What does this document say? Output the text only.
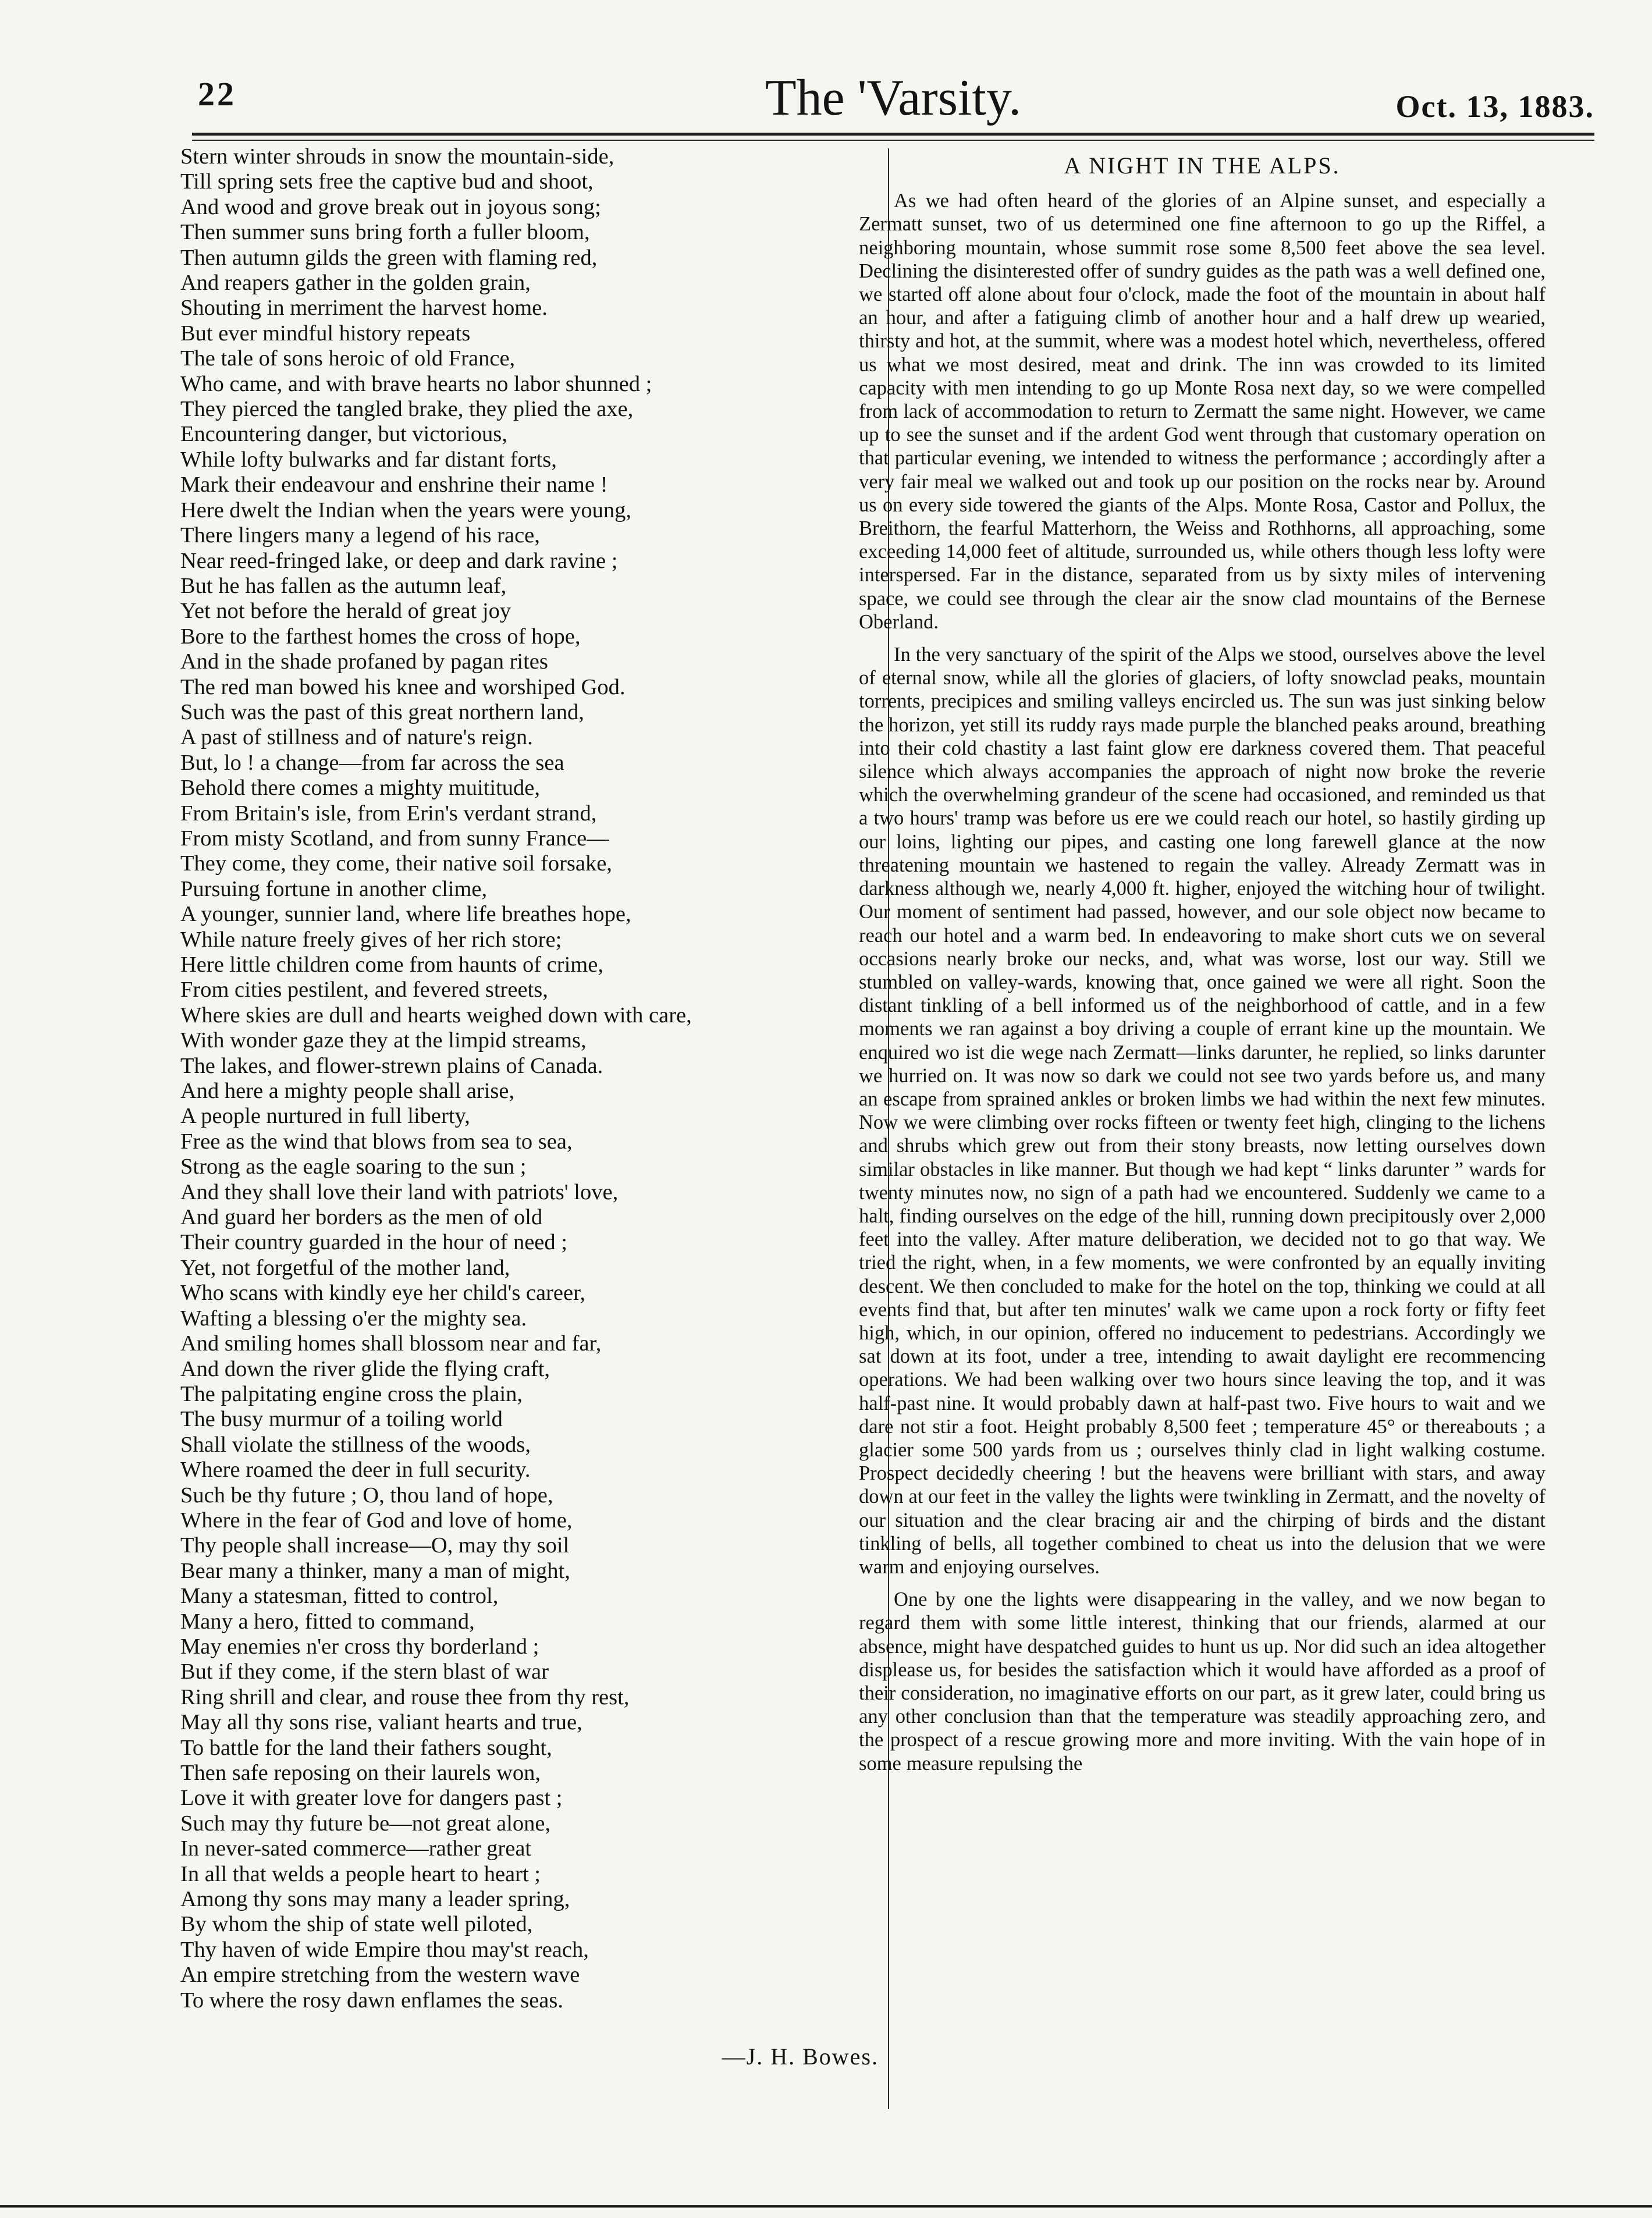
22	The 'Varsity.	Oct. 13, 1883.
Stern winter shrouds in snow the mountain-side,
Till spring sets free the captive bud and shoot,
And wood and grove break out in joyous song;
Then summer suns bring forth a fuller bloom,
Then autumn gilds the green with flaming red,
And reapers gather in the golden grain,
Shouting in merriment the harvest home.
But ever mindful history repeats
The tale of sons heroic of old France,
Who came, and with brave hearts no labor shunned ;
They pierced the tangled brake, they plied the axe,
Encountering danger, but victorious,
While lofty bulwarks and far distant forts,
Mark their endeavour and enshrine their name !
Here dwelt the Indian when the years were young,
There lingers many a legend of his race,
Near reed-fringed lake, or deep and dark ravine ;
But he has fallen as the autumn leaf,
Yet not before the herald of great joy
Bore to the farthest homes the cross of hope,
And in the shade profaned by pagan rites
The red man bowed his knee and worshiped God.
Such was the past of this great northern land,
A past of stillness and of nature's reign.
But, lo ! a change—from far across the sea
Behold there comes a mighty muititude,
From Britain's isle, from Erin's verdant strand,
From misty Scotland, and from sunny France—
They come, they come, their native soil forsake,
Pursuing fortune in another clime,
A younger, sunnier land, where life breathes hope,
While nature freely gives of her rich store;
Here little children come from haunts of crime,
From cities pestilent, and fevered streets,
Where skies are dull and hearts weighed down with care,
With wonder gaze they at the limpid streams,
The lakes, and flower-strewn plains of Canada.
And here a mighty people shall arise,
A people nurtured in full liberty,
Free as the wind that blows from sea to sea,
Strong as the eagle soaring to the sun ;
And they shall love their land with patriots' love,
And guard her borders as the men of old
Their country guarded in the hour of need ;
Yet, not forgetful of the mother land,
Who scans with kindly eye her child's career,
Wafting a blessing o'er the mighty sea.
And smiling homes shall blossom near and far,
And down the river glide the flying craft,
The palpitating engine cross the plain,
The busy murmur of a toiling world
Shall violate the stillness of the woods,
Where roamed the deer in full security.
Such be thy future ; O, thou land of hope,
Where in the fear of God and love of home,
Thy people shall increase—O, may thy soil
Bear many a thinker, many a man of might,
Many a statesman, fitted to control,
Many a hero, fitted to command,
May enemies n'er cross thy borderland ;
But if they come, if the stern blast of war
Ring shrill and clear, and rouse thee from thy rest,
May all thy sons rise, valiant hearts and true,
To battle for the land their fathers sought,
Then safe reposing on their laurels won,
Love it with greater love for dangers past ;
Such may thy future be—not great alone,
In never-sated commerce—rather great
In all that welds a people heart to heart ;
Among thy sons may many a leader spring,
By whom the ship of state well piloted,
Thy haven of wide Empire thou may'st reach,
An empire stretching from the western wave
To where the rosy dawn enflames the seas.
—J. H. Bowes.
A NIGHT IN THE ALPS.

As we had often heard of the glories of an Alpine sunset, and especially a Zermatt sunset, two of us determined one fine afternoon to go up the Riffel, a neighboring mountain, whose summit rose some 8,500 feet above the sea level. Declining the disinterested offer of sundry guides as the path was a well defined one, we started off alone about four o'clock, made the foot of the mountain in about half an hour, and after a fatiguing climb of another hour and a half drew up wearied, thirsty and hot, at the summit, where was a modest hotel which, nevertheless, offered us what we most desired, meat and drink. The inn was crowded to its limited capacity with men intending to go up Monte Rosa next day, so we were compelled from lack of accommodation to return to Zermatt the same night. However, we came up to see the sunset and if the ardent God went through that customary operation on that particular evening, we intended to witness the performance ; accordingly after a very fair meal we walked out and took up our position on the rocks near by. Around us on every side towered the giants of the Alps. Monte Rosa, Castor and Pollux, the Breithorn, the fearful Matterhorn, the Weiss and Rothhorns, all approaching, some exceeding 14,000 feet of altitude, surrounded us, while others though less lofty were interspersed. Far in the distance, separated from us by sixty miles of intervening space, we could see through the clear air the snow clad mountains of the Bernese Oberland.

In the very sanctuary of the spirit of the Alps we stood, ourselves above the level of eternal snow, while all the glories of glaciers, of lofty snowclad peaks, mountain torrents, precipices and smiling valleys encircled us. The sun was just sinking below the horizon, yet still its ruddy rays made purple the blanched peaks around, breathing into their cold chastity a last faint glow ere darkness covered them. That peaceful silence which always accompanies the approach of night now broke the reverie which the overwhelming grandeur of the scene had occasioned, and reminded us that a two hours' tramp was before us ere we could reach our hotel, so hastily girding up our loins, lighting our pipes, and casting one long farewell glance at the now threatening mountain we hastened to regain the valley. Already Zermatt was in darkness although we, nearly 4,000 ft. higher, enjoyed the witching hour of twilight. Our moment of sentiment had passed, however, and our sole object now became to reach our hotel and a warm bed. In endeavoring to make short cuts we on several occasions nearly broke our necks, and, what was worse, lost our way. Still we stumbled on valley-wards, knowing that, once gained we were all right. Soon the distant tinkling of a bell informed us of the neighborhood of cattle, and in a few moments we ran against a boy driving a couple of errant kine up the mountain. We enquired wo ist die wege nach Zermatt—links darunter, he replied, so links darunter we hurried on. It was now so dark we could not see two yards before us, and many an escape from sprained ankles or broken limbs we had within the next few minutes. Now we were climbing over rocks fifteen or twenty feet high, clinging to the lichens and shrubs which grew out from their stony breasts, now letting ourselves down similar obstacles in like manner. But though we had kept “ links darunter ” wards for twenty minutes now, no sign of a path had we encountered. Suddenly we came to a halt, finding ourselves on the edge of the hill, running down precipitously over 2,000 feet into the valley. After mature deliberation, we decided not to go that way. We tried the right, when, in a few moments, we were confronted by an equally inviting descent. We then concluded to make for the hotel on the top, thinking we could at all events find that, but after ten minutes' walk we came upon a rock forty or fifty feet high, which, in our opinion, offered no inducement to pedestrians. Accordingly we sat down at its foot, under a tree, intending to await daylight ere recommencing operations. We had been walking over two hours since leaving the top, and it was half-past nine. It would probably dawn at half-past two. Five hours to wait and we dare not stir a foot. Height probably 8,500 feet ; temperature 45° or thereabouts ; a glacier some 500 yards from us ; ourselves thinly clad in light walking costume. Prospect decidedly cheering ! but the heavens were brilliant with stars, and away down at our feet in the valley the lights were twinkling in Zermatt, and the novelty of our situation and the clear bracing air and the chirping of birds and the distant tinkling of bells, all together combined to cheat us into the delusion that we were warm and enjoying ourselves.

One by one the lights were disappearing in the valley, and we now began to regard them with some little interest, thinking that our friends, alarmed at our absence, might have despatched guides to hunt us up. Nor did such an idea altogether displease us, for besides the satisfaction which it would have afforded as a proof of their consideration, no imaginative efforts on our part, as it grew later, could bring us any other conclusion than that the temperature was steadily approaching zero, and the prospect of a rescue growing more and more inviting. With the vain hope of in some measure repulsing the
